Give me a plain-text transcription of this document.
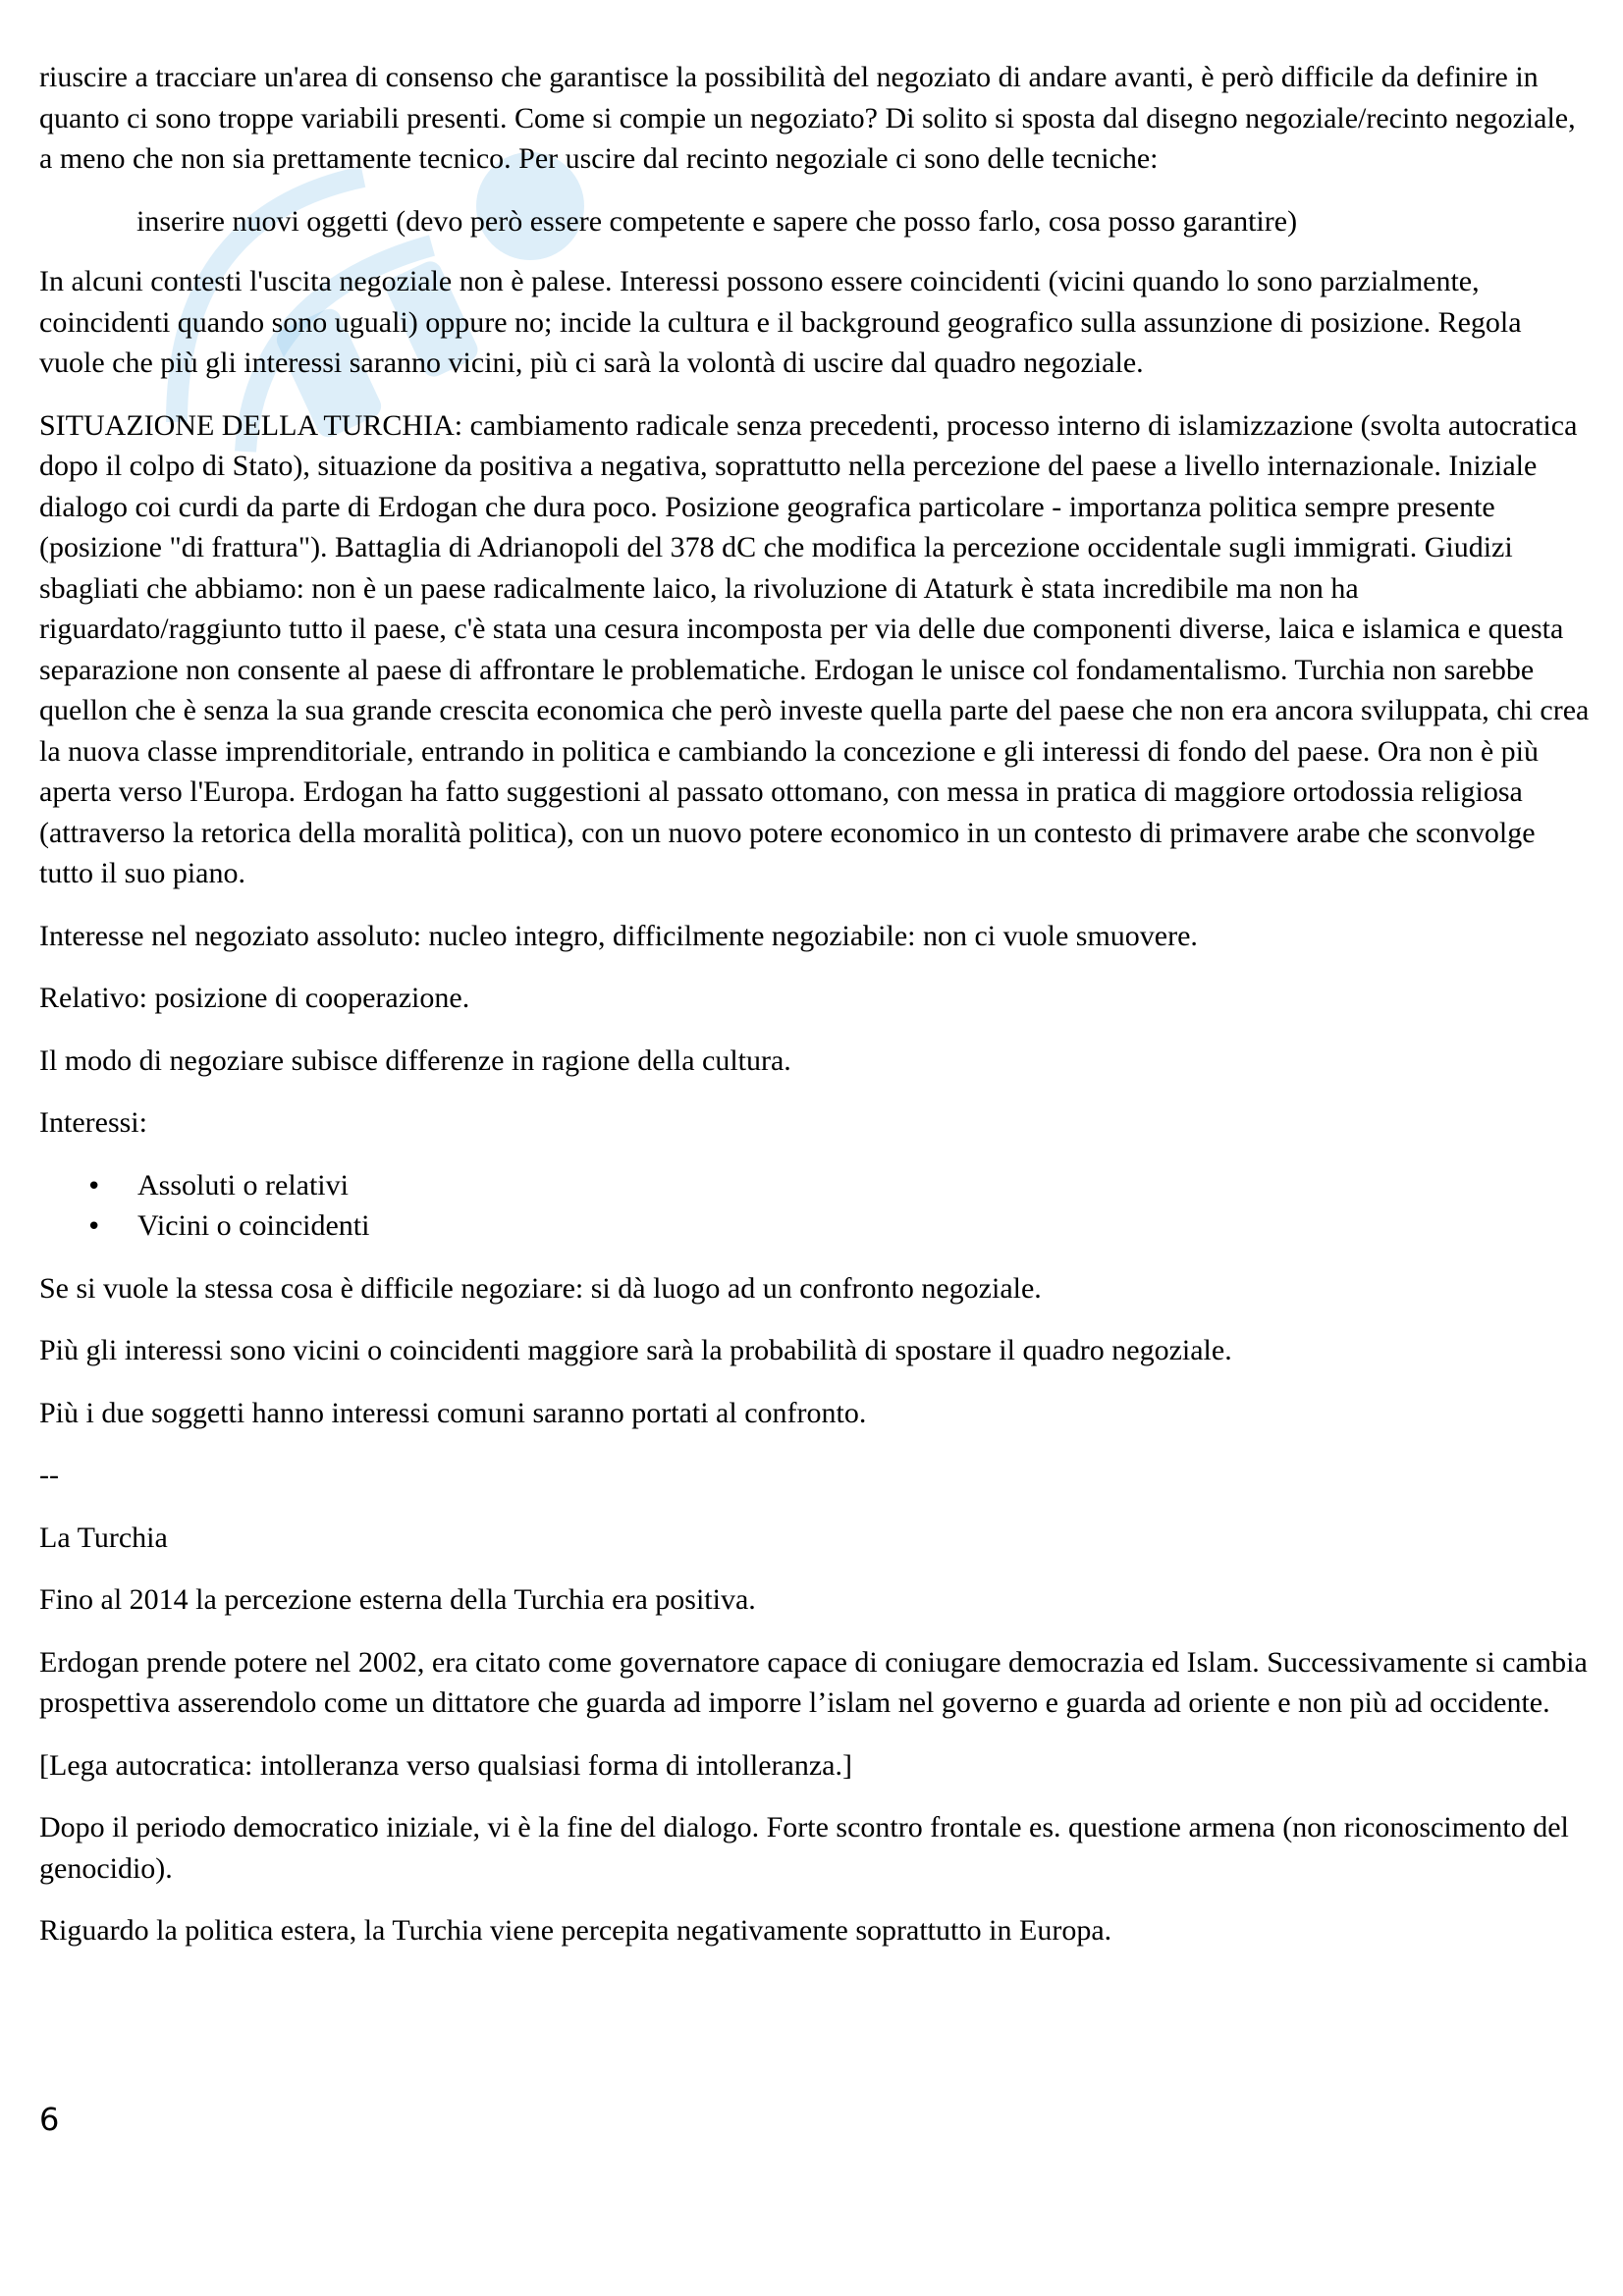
riuscire a tracciare un'area di consenso che garantisce la possibilità del negoziato di andare avanti, è però difficile da definire in quanto ci sono troppe variabili presenti. Come si compie un negoziato? Di solito si sposta dal disegno negoziale/recinto negoziale, a meno che non sia prettamente tecnico. Per uscire dal recinto negoziale ci sono delle tecniche:

inserire nuovi oggetti (devo però essere competente e sapere che posso farlo, cosa posso garantire)

In alcuni contesti l'uscita negoziale non è palese. Interessi possono essere coincidenti (vicini quando lo sono parzialmente, coincidenti quando sono uguali) oppure no; incide la cultura e il background geografico sulla assunzione di posizione. Regola vuole che più gli interessi saranno vicini, più ci sarà la volontà di uscire dal quadro negoziale.

SITUAZIONE DELLA TURCHIA: cambiamento radicale senza precedenti, processo interno di islamizzazione (svolta autocratica dopo il colpo di Stato), situazione da positiva a negativa, soprattutto nella percezione del paese a livello internazionale. Iniziale dialogo coi curdi da parte di Erdogan che dura poco. Posizione geografica particolare - importanza politica sempre presente (posizione "di frattura"). Battaglia di Adrianopoli del 378 dC che modifica la percezione occidentale sugli immigrati. Giudizi sbagliati che abbiamo: non è un paese radicalmente laico, la rivoluzione di Ataturk è stata incredibile ma non ha riguardato/raggiunto tutto il paese, c'è stata una cesura incomposta per via delle due componenti diverse, laica e islamica e questa separazione non consente al paese di affrontare le problematiche. Erdogan le unisce col fondamentalismo. Turchia non sarebbe quellon che è senza la sua grande crescita economica che però investe quella parte del paese che non era ancora sviluppata, chi crea la nuova classe imprenditoriale, entrando in politica e cambiando la concezione e gli interessi di fondo del paese. Ora non è più aperta verso l'Europa. Erdogan ha fatto suggestioni al passato ottomano, con messa in pratica di maggiore ortodossia religiosa (attraverso la retorica della moralità politica), con un nuovo potere economico in un contesto di primavere arabe che sconvolge tutto il suo piano.

Interesse nel negoziato assoluto: nucleo integro, difficilmente negoziabile: non ci vuole smuovere.

Relativo: posizione di cooperazione.

Il modo di negoziare subisce differenze in ragione della cultura.

Interessi:

•	Assoluti o relativi
•	Vicini o coincidenti

Se si vuole la stessa cosa è difficile negoziare: si dà luogo ad un confronto negoziale.

Più gli interessi sono vicini o coincidenti maggiore sarà la probabilità di spostare il quadro negoziale.

Più i due soggetti hanno interessi comuni saranno portati al confronto.

--

La Turchia

Fino al 2014 la percezione esterna della Turchia era positiva.

Erdogan prende potere nel 2002, era citato come governatore capace di coniugare democrazia ed Islam. Successivamente si cambia prospettiva asserendolo come un dittatore che guarda ad imporre l’islam nel governo e guarda ad oriente e non più ad occidente.

[Lega autocratica: intolleranza verso qualsiasi forma di intolleranza.]

Dopo il periodo democratico iniziale, vi è la fine del dialogo. Forte scontro frontale es. questione armena (non riconoscimento del genocidio).

Riguardo la politica estera, la Turchia viene percepita negativamente soprattutto in Europa.

6
